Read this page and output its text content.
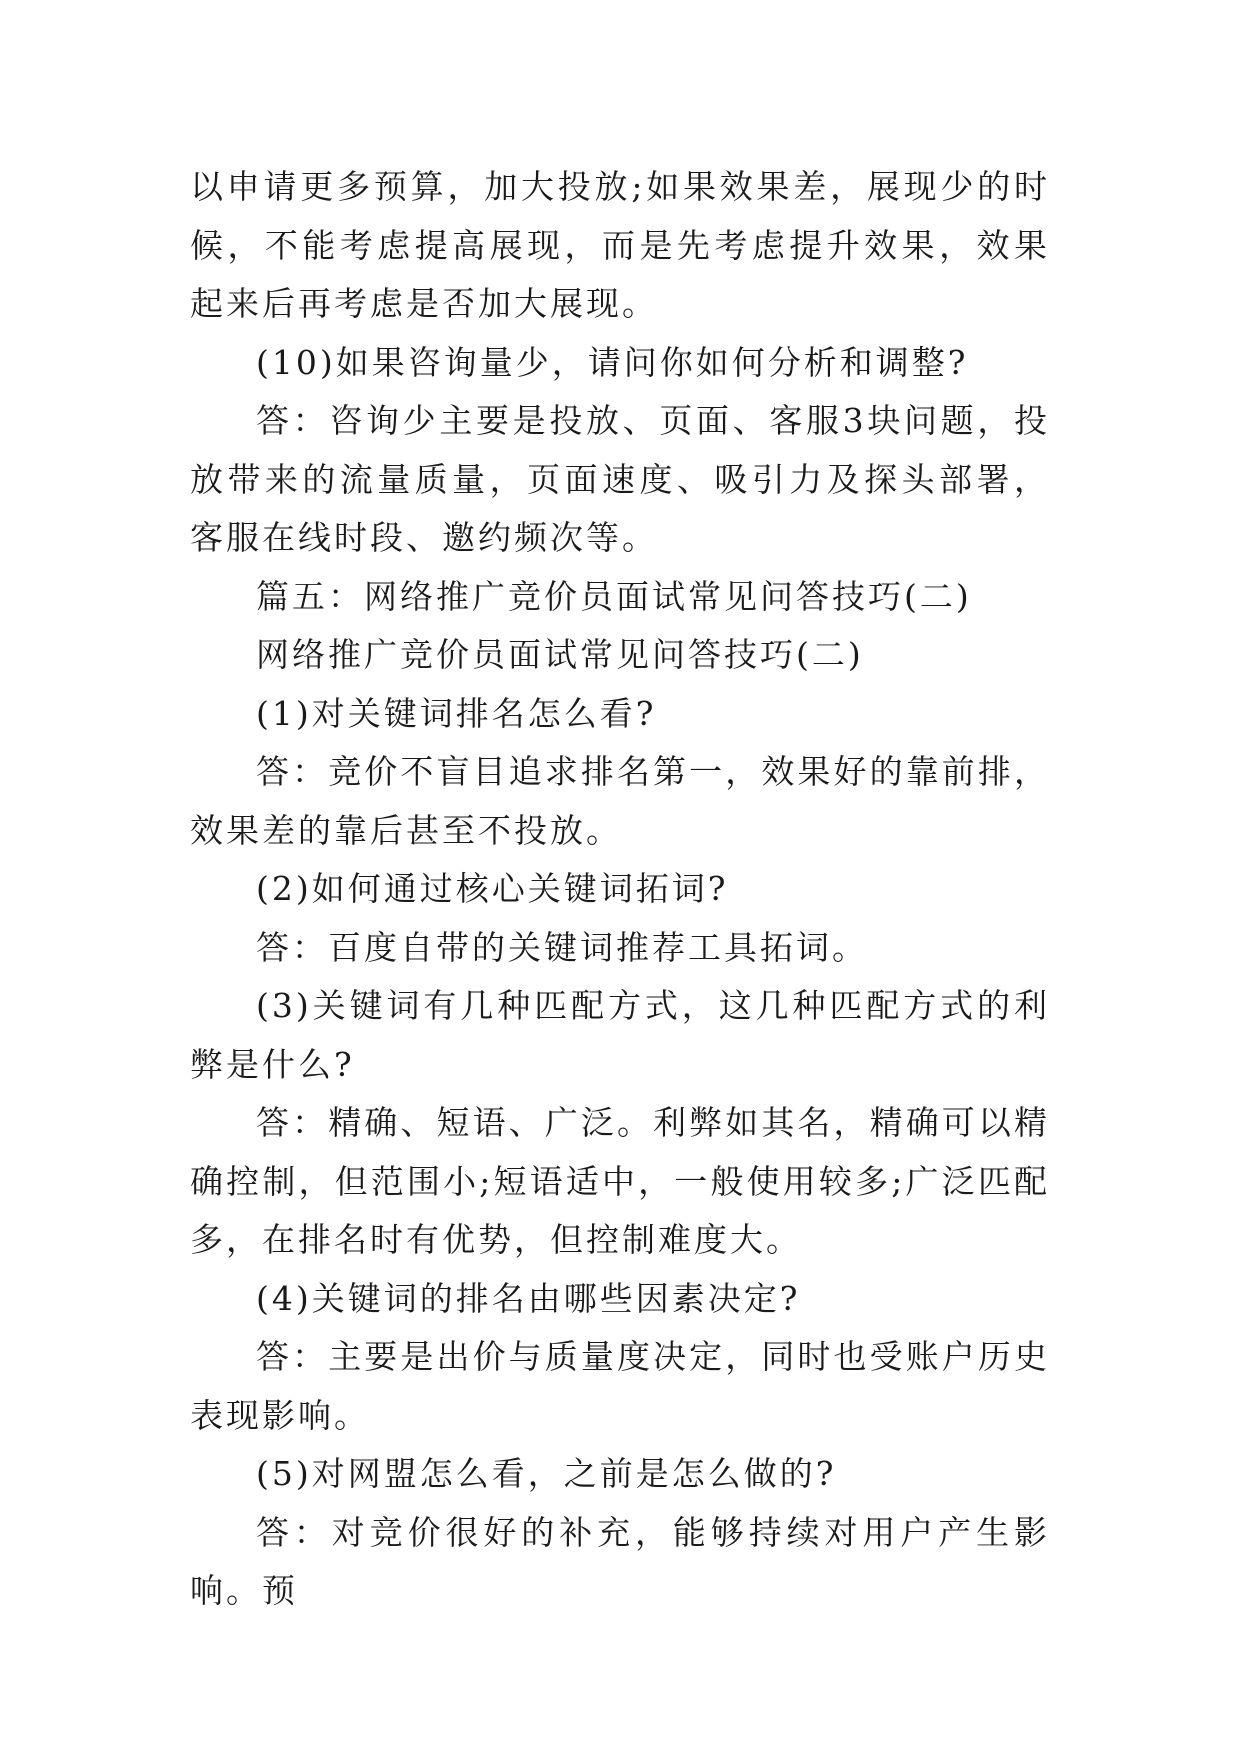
以申请更多预算，加大投放;如果效果差，展现少的时候，不能考虑提高展现，而是先考虑提升效果，效果起来后再考虑是否加大展现。

(10)如果咨询量少，请问你如何分析和调整?

答：咨询少主要是投放、页面、客服3块问题，投放带来的流量质量，页面速度、吸引力及探头部署，客服在线时段、邀约频次等。

篇五：网络推广竞价员面试常见问答技巧(二)

网络推广竞价员面试常见问答技巧(二)

(1)对关键词排名怎么看?

答：竞价不盲目追求排名第一，效果好的靠前排，效果差的靠后甚至不投放。

(2)如何通过核心关键词拓词?

答：百度自带的关键词推荐工具拓词。

(3)关键词有几种匹配方式，这几种匹配方式的利弊是什么?

答：精确、短语、广泛。利弊如其名，精确可以精确控制，但范围小;短语适中，一般使用较多;广泛匹配多，在排名时有优势，但控制难度大。

(4)关键词的排名由哪些因素决定?

答：主要是出价与质量度决定，同时也受账户历史表现影响。

(5)对网盟怎么看，之前是怎么做的?

答：对竞价很好的补充，能够持续对用户产生影响。预
